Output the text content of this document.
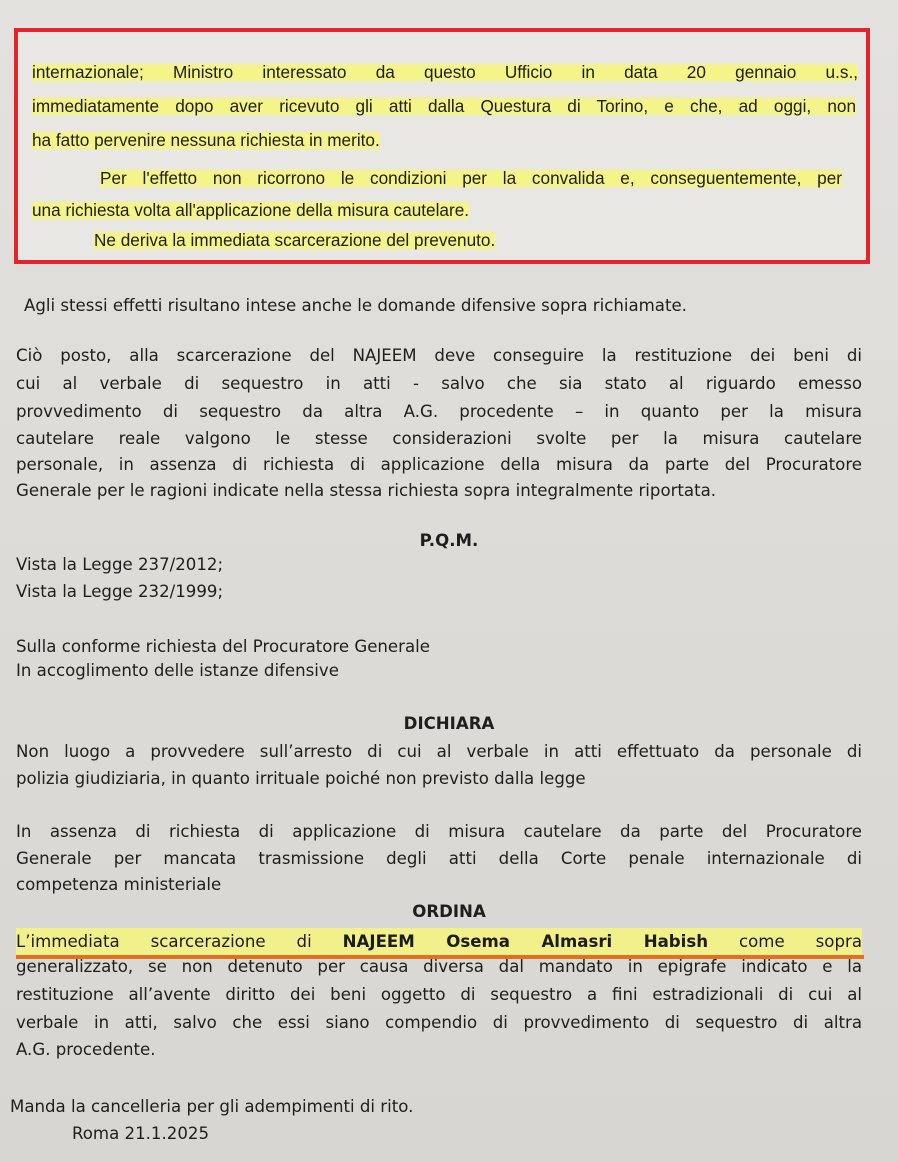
internazionale; Ministro interessato da questo Ufficio in data 20 gennaio u.s.,
immediatamente dopo aver ricevuto gli atti dalla Questura di Torino, e che, ad oggi, non
ha fatto pervenire nessuna richiesta in merito.
Per l'effetto non ricorrono le condizioni per la convalida e, conseguentemente, per
una richiesta volta all'applicazione della misura cautelare.
Ne deriva la immediata scarcerazione del prevenuto.
Agli stessi effetti risultano intese anche le domande difensive sopra richiamate.
Ciò posto, alla scarcerazione del NAJEEM deve conseguire la restituzione dei beni di
cui al verbale di sequestro in atti - salvo che sia stato al riguardo emesso
provvedimento di sequestro da altra A.G. procedente – in quanto per la misura
cautelare reale valgono le stesse considerazioni svolte per la misura cautelare
personale, in assenza di richiesta di applicazione della misura da parte del Procuratore
Generale per le ragioni indicate nella stessa richiesta sopra integralmente riportata.
P.Q.M.
Vista la Legge 237/2012;
Vista la Legge 232/1999;
Sulla conforme richiesta del Procuratore Generale
In accoglimento delle istanze difensive
DICHIARA
Non luogo a provvedere sull’arresto di cui al verbale in atti effettuato da personale di
polizia giudiziaria, in quanto irrituale poiché non previsto dalla legge
In assenza di richiesta di applicazione di misura cautelare da parte del Procuratore
Generale per mancata trasmissione degli atti della Corte penale internazionale di
competenza ministeriale
ORDINA
L’immediata scarcerazione di NAJEEM Osema Almasri Habish come sopra
generalizzato, se non detenuto per causa diversa dal mandato in epigrafe indicato e la
restituzione all’avente diritto dei beni oggetto di sequestro a fini estradizionali di cui al
verbale in atti, salvo che essi siano compendio di provvedimento di sequestro di altra
A.G. procedente.
Manda la cancelleria per gli adempimenti di rito.
Roma 21.1.2025
